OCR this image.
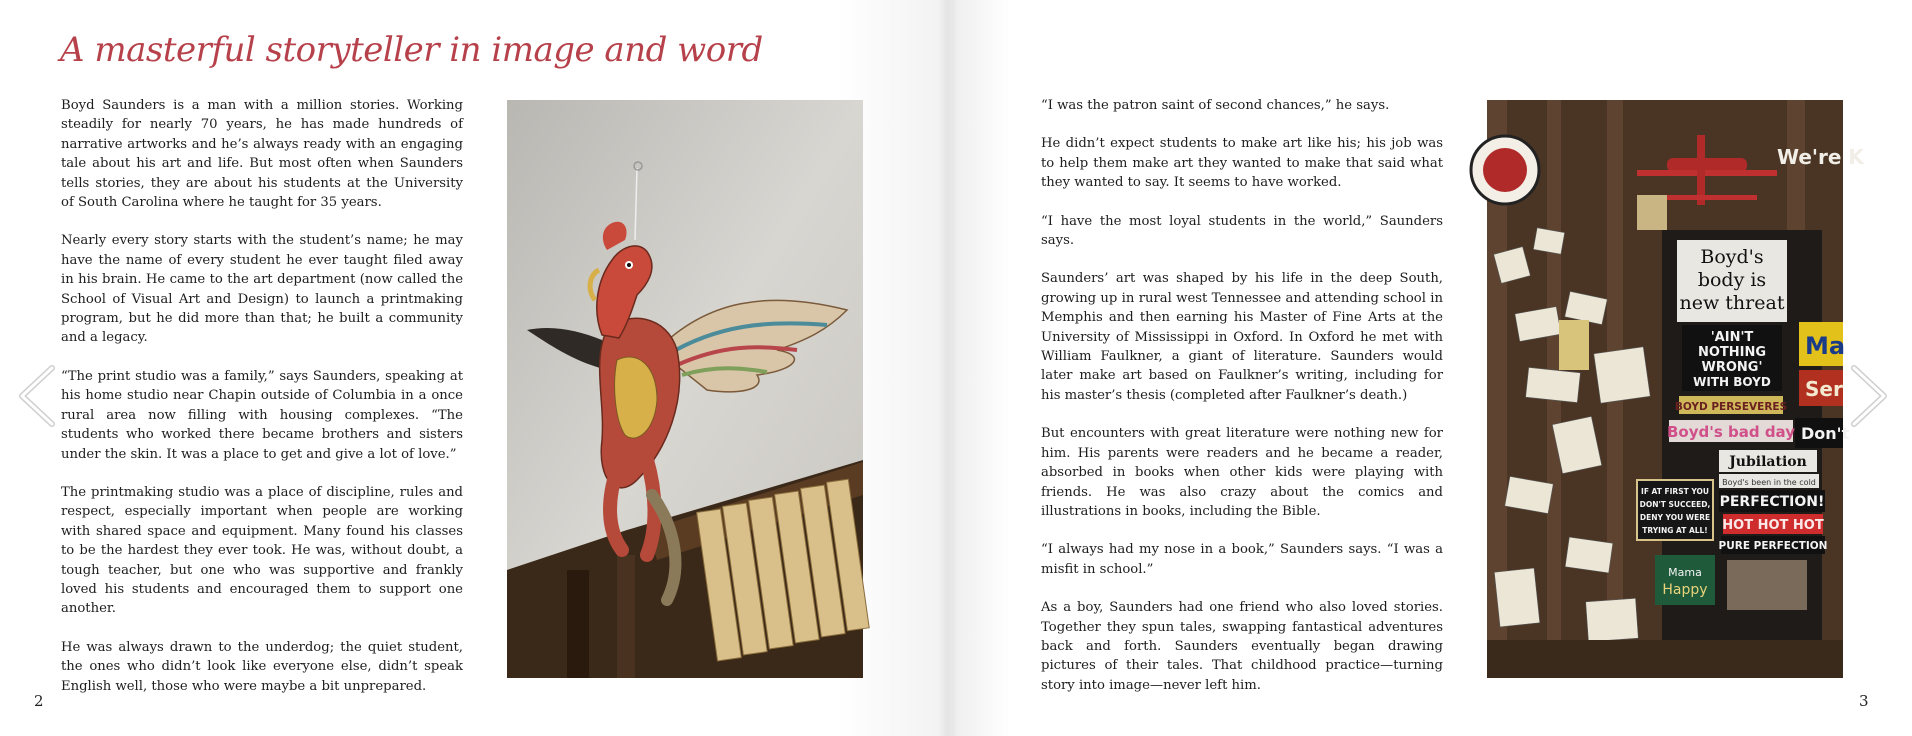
A masterful storyteller in image and word

Boyd Saunders is a man with a million stories. Working steadily for nearly 70 years, he has made hundreds of narrative artworks and he’s always ready with an engaging tale about his art and life. But most often when Saunders tells stories, they are about his students at the University of South Carolina where he taught for 35 years.

Nearly every story starts with the student’s name; he may have the name of every student he ever taught filed away in his brain. He came to the art department (now called the School of Visual Art and Design) to launch a printmaking program, but he did more than that; he built a community and a legacy.

“The print studio was a family,” says Saunders, speaking at his home studio near Chapin outside of Columbia in a once rural area now filling with housing complexes. “The students who worked there became brothers and sisters under the skin. It was a place to get and give a lot of love.”

The printmaking studio was a place of discipline, rules and respect, especially important when people are working with shared space and equipment. Many found his classes to be the hardest they ever took. He was, without doubt, a tough teacher, but one who was supportive and frankly loved his students and encouraged them to support one another.

He was always drawn to the underdog; the quiet student, the ones who didn’t look like everyone else, didn’t speak English well, those who were maybe a bit unprepared.

2

“I was the patron saint of second chances,” he says.

He didn’t expect students to make art like his; his job was to help them make art they wanted to make that said what they wanted to say. It seems to have worked.

“I have the most loyal students in the world,” Saunders says.

Saunders’ art was shaped by his life in the deep South, growing up in rural west Tennessee and attending school in Memphis and then earning his Master of Fine Arts at the University of Mississippi in Oxford. In Oxford he met with William Faulkner, a giant of literature. Saunders would later make art based on Faulkner’s writing, including for his master’s thesis (completed after Faulkner’s death.)

But encounters with great literature were nothing new for him. His parents were readers and he became a reader, absorbed in books when other kids were playing with friends. He was also crazy about the comics and illustrations in books, including the Bible.

“I always had my nose in a book,” Saunders says. “I was a misfit in school.”

As a boy, Saunders had one friend who also loved stories. Together they spun tales, swapping fantastical adventures back and forth. Saunders eventually began drawing pictures of their tales. That childhood practice—turning story into image—never left him.

We're K
Boyd's
body is
new threat
'AIN'T
NOTHING
WRONG'
WITH BOYD
BOYD PERSEVERES
Boyd's bad day Don't
Ma
Ser
Jubilation
Boyd's been in the cold
PERFECTION!
HOT HOT HOT
PURE PERFECTION
IF AT FIRST YOU
DON'T SUCCEED,
DENY YOU WERE
TRYING AT ALL!
Mama
Happy
3
